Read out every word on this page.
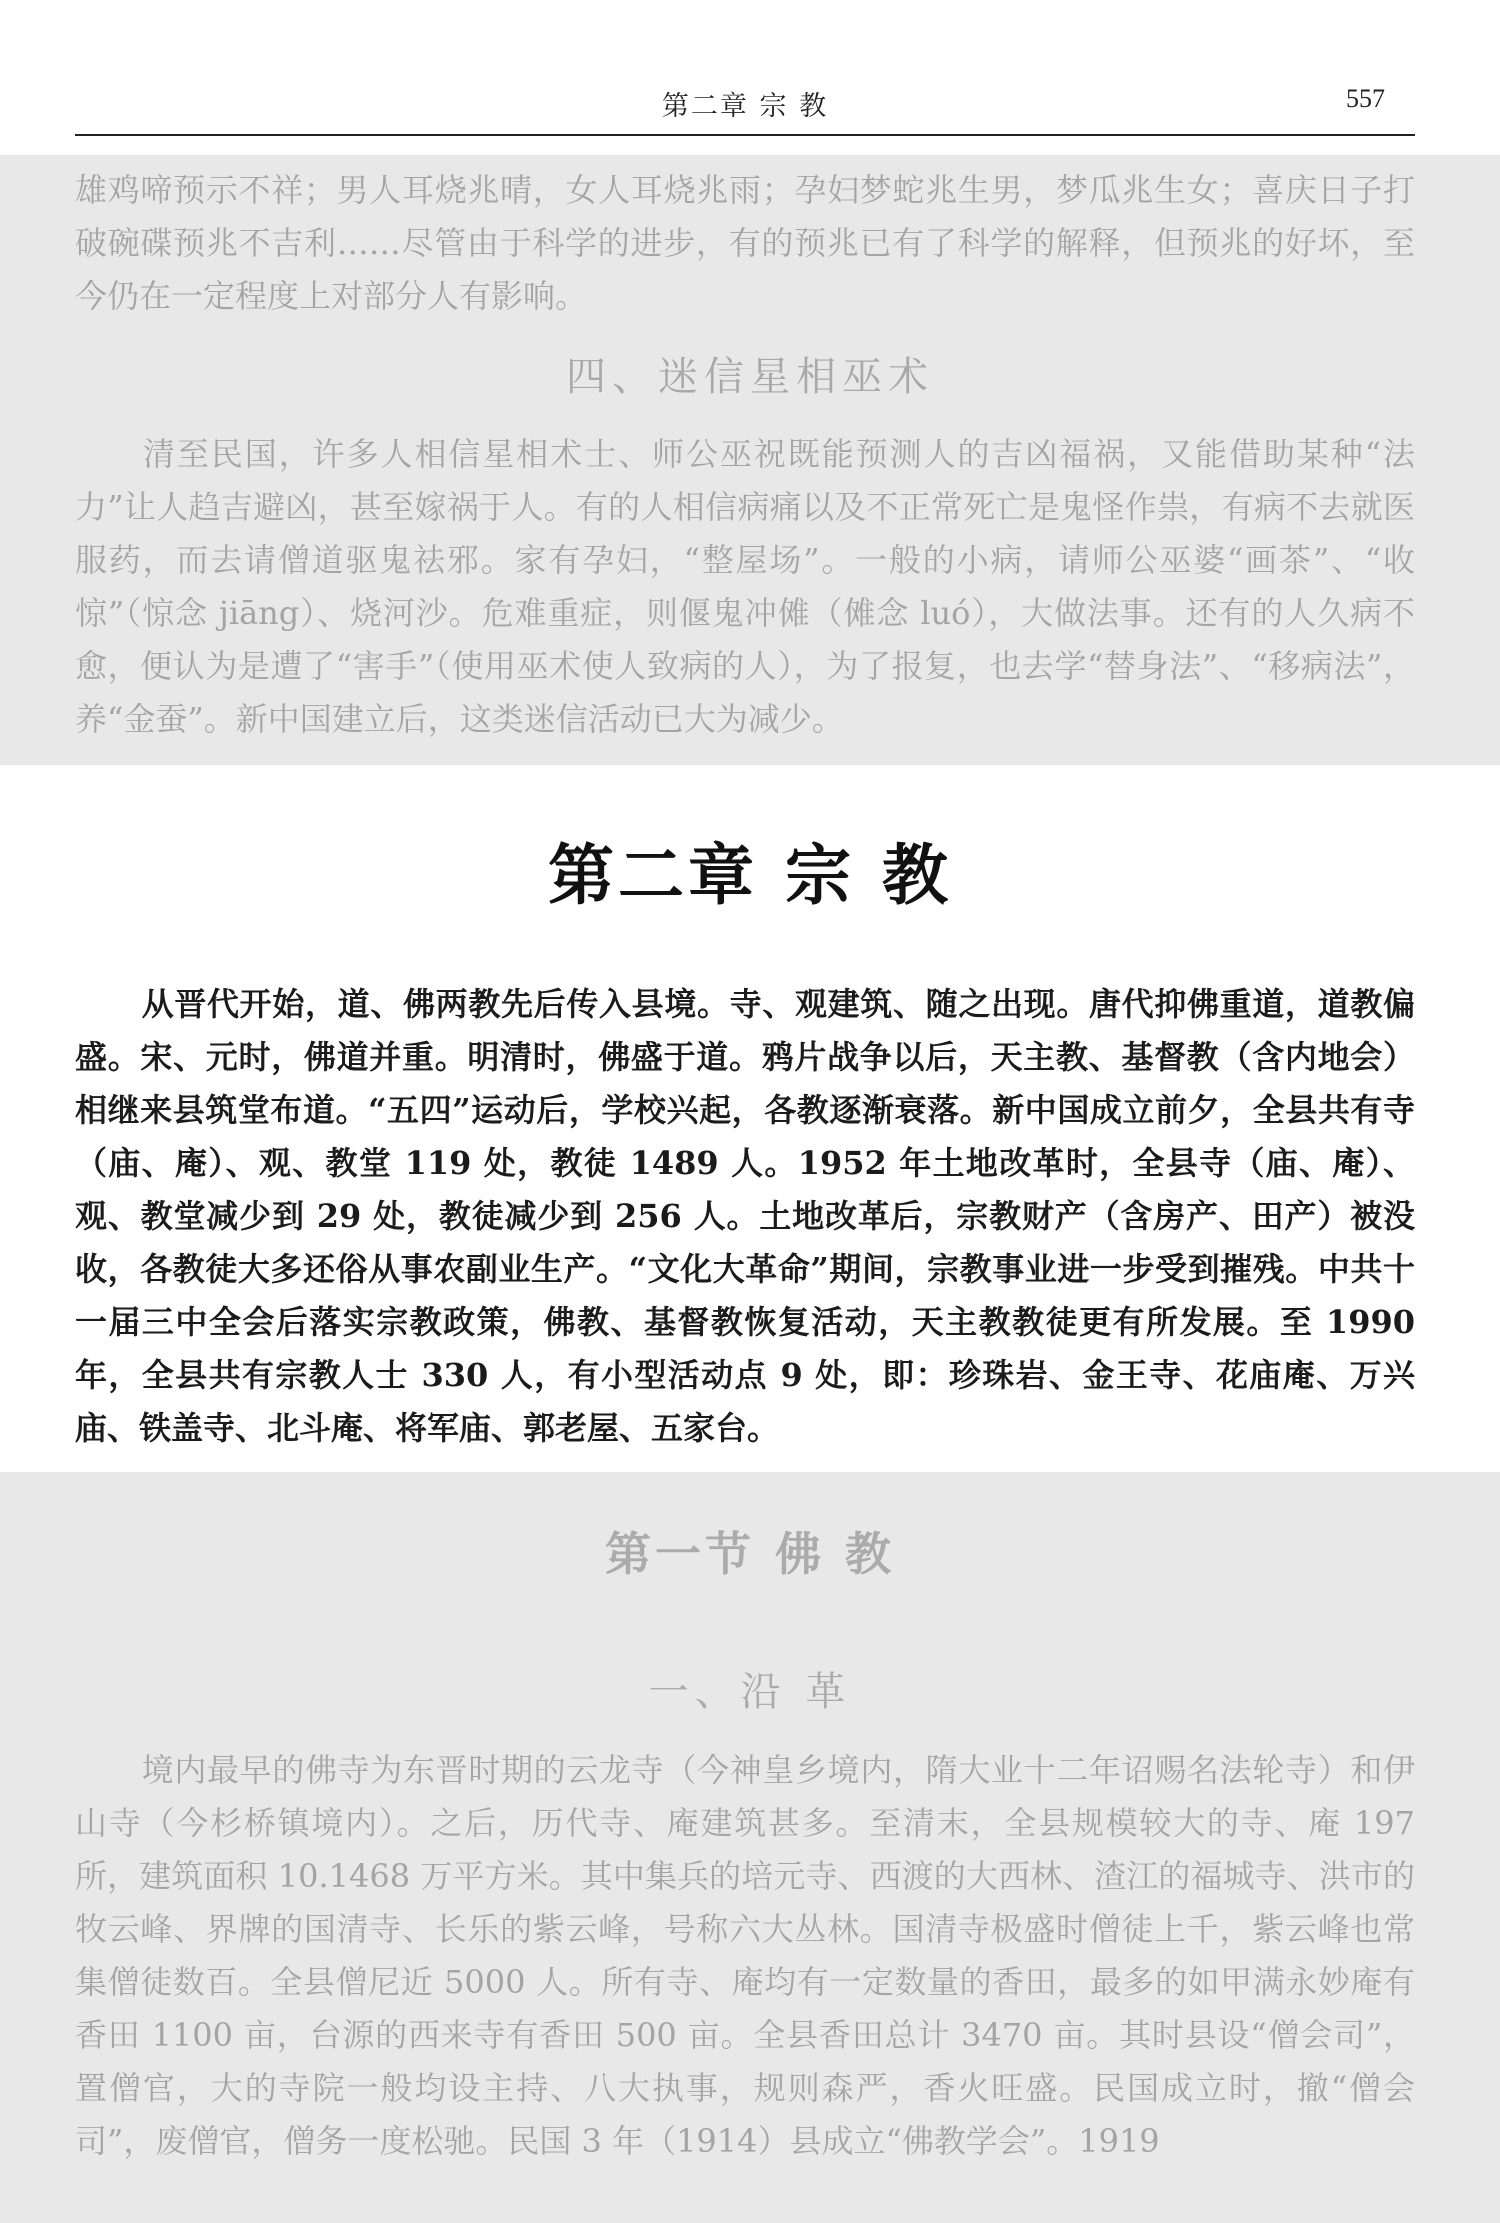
第二章 宗 教	557

雄鸡啼预示不祥；男人耳烧兆晴，女人耳烧兆雨；孕妇梦蛇兆生男，梦瓜兆生女；喜庆日子打破碗碟预兆不吉利……尽管由于科学的进步，有的预兆已有了科学的解释，但预兆的好坏，至今仍在一定程度上对部分人有影响。

四、迷信星相巫术

清至民国，许多人相信星相术士、师公巫祝既能预测人的吉凶福祸，又能借助某种“法力”让人趋吉避凶，甚至嫁祸于人。有的人相信病痛以及不正常死亡是鬼怪作祟，有病不去就医服药，而去请僧道驱鬼祛邪。家有孕妇，“整屋场”。一般的小病，请师公巫婆“画茶”、“收惊”（惊念 jiāng）、烧河沙。危难重症，则偃鬼冲傩（傩念 luó），大做法事。还有的人久病不愈，便认为是遭了“害手”（使用巫术使人致病的人），为了报复，也去学“替身法”、“移病法”，养“金蚕”。新中国建立后，这类迷信活动已大为减少。

第二章 宗 教

从晋代开始，道、佛两教先后传入县境。寺、观建筑、随之出现。唐代抑佛重道，道教偏盛。宋、元时，佛道并重。明清时，佛盛于道。鸦片战争以后，天主教、基督教（含内地会）相继来县筑堂布道。“五四”运动后，学校兴起，各教逐渐衰落。新中国成立前夕，全县共有寺（庙、庵）、观、教堂 119 处，教徒 1489 人。1952 年土地改革时，全县寺（庙、庵）、观、教堂减少到 29 处，教徒减少到 256 人。土地改革后，宗教财产（含房产、田产）被没收，各教徒大多还俗从事农副业生产。“文化大革命”期间，宗教事业进一步受到摧残。中共十一届三中全会后落实宗教政策，佛教、基督教恢复活动，天主教教徒更有所发展。至 1990 年，全县共有宗教人士 330 人，有小型活动点 9 处，即：珍珠岩、金王寺、花庙庵、万兴庙、铁盖寺、北斗庵、将军庙、郭老屋、五家台。

第一节 佛 教
一、沿 革

境内最早的佛寺为东晋时期的云龙寺（今神皇乡境内，隋大业十二年诏赐名法轮寺）和伊山寺（今杉桥镇境内）。之后，历代寺、庵建筑甚多。至清末，全县规模较大的寺、庵 197 所，建筑面积 10.1468 万平方米。其中集兵的培元寺、西渡的大西林、渣江的福城寺、洪市的牧云峰、界牌的国清寺、长乐的紫云峰，号称六大丛林。国清寺极盛时僧徒上千，紫云峰也常集僧徒数百。全县僧尼近 5000 人。所有寺、庵均有一定数量的香田，最多的如甲满永妙庵有香田 1100 亩，台源的西来寺有香田 500 亩。全县香田总计 3470 亩。其时县设“僧会司”，置僧官，大的寺院一般均设主持、八大执事，规则森严，香火旺盛。民国成立时，撤“僧会司”，废僧官，僧务一度松驰。民国 3 年（1914）县成立“佛教学会”。1919
